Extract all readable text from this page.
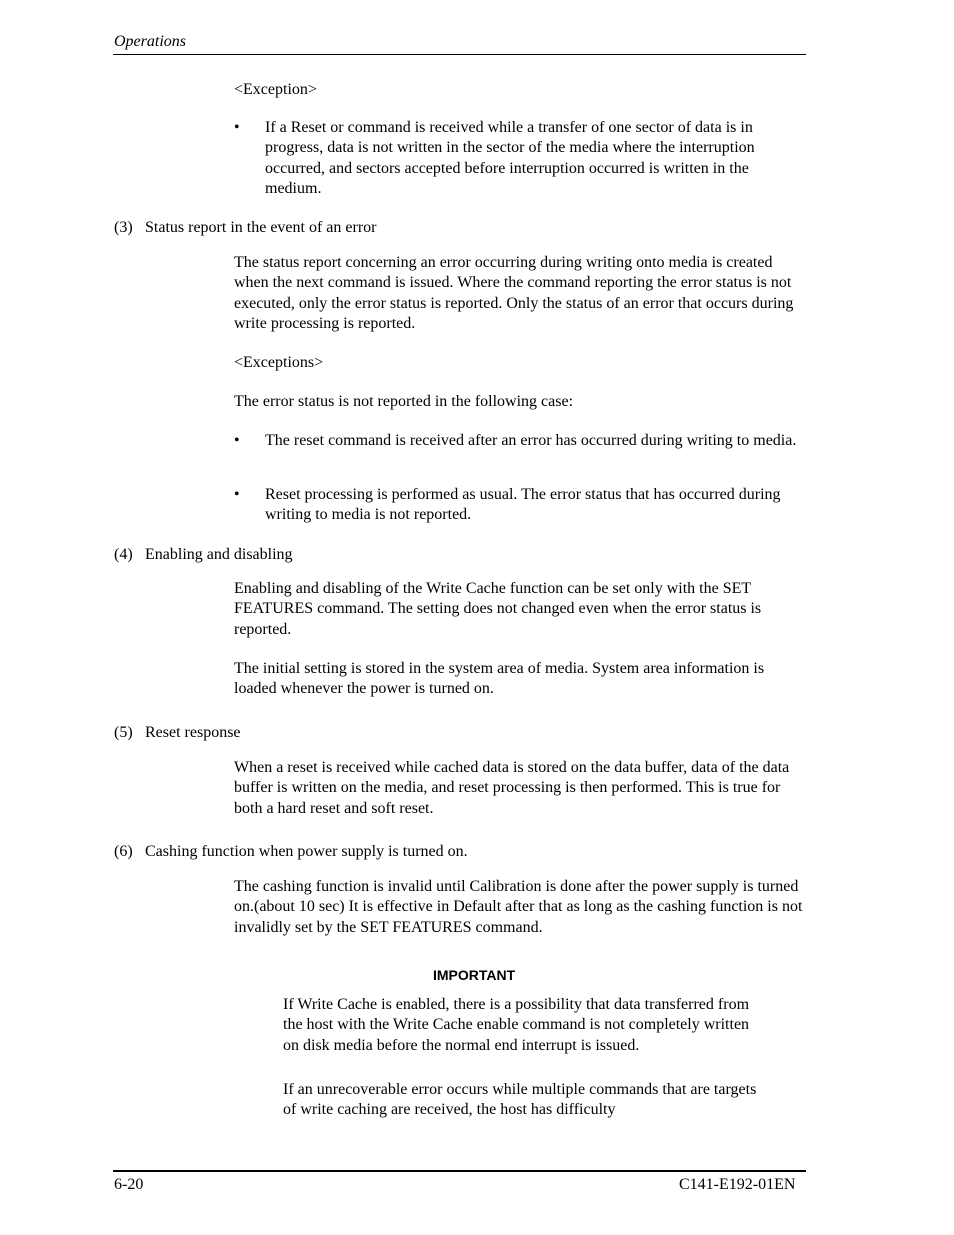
Operations

<Exception>

•	If a Reset or command is received while a transfer of one sector of data is in progress, data is not written in the sector of the media where the interruption occurred, and sectors accepted before interruption occurred is written in the medium.
(3) Status report in the event of an error

The status report concerning an error occurring during writing onto media is created when the next command is issued. Where the command reporting the error status is not executed, only the error status is reported. Only the status of an error that occurs during write processing is reported.

<Exceptions>

The error status is not reported in the following case:

•	The reset command is received after an error has occurred during writing to media.
•	Reset processing is performed as usual. The error status that has occurred during writing to media is not reported.
(4) Enabling and disabling

Enabling and disabling of the Write Cache function can be set only with the SET FEATURES command. The setting does not changed even when the error status is reported.

The initial setting is stored in the system area of media. System area information is loaded whenever the power is turned on.

(5) Reset response

When a reset is received while cached data is stored on the data buffer, data of the data buffer is written on the media, and reset processing is then performed. This is true for both a hard reset and soft reset.

(6) Cashing function when power supply is turned on.

The cashing function is invalid until Calibration is done after the power supply is turned on.(about 10 sec) It is effective in Default after that as long as the cashing function is not invalidly set by the SET FEATURES command.

IMPORTANT

If Write Cache is enabled, there is a possibility that data transferred from the host with the Write Cache enable command is not completely written on disk media before the normal end interrupt is issued.

If an unrecoverable error occurs while multiple commands that are targets of write caching are received, the host has difficulty

6-20	C141-E192-01EN
